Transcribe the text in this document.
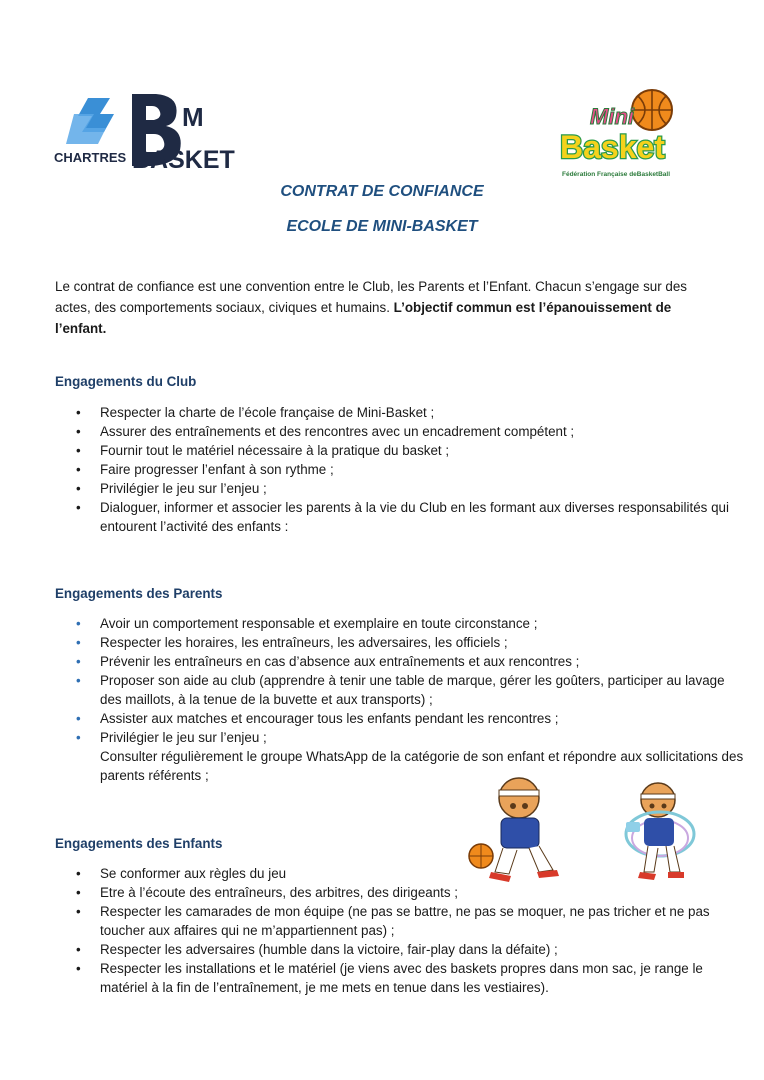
M
CHARTRES BASKET
Mini
Basket
Fédération Française deBasketBall
CONTRAT DE CONFIANCE
ECOLE DE MINI-BASKET
Le contrat de confiance est une convention entre le Club, les Parents et l’Enfant. Chacun s’engage sur des actes, des comportements sociaux, civiques et humains. L’objectif commun est l’épanouissement de l’enfant.
Engagements du Club
• Respecter la charte de l’école française de Mini-Basket ;
• Assurer des entraînements et des rencontres avec un encadrement compétent ;
• Fournir tout le matériel nécessaire à la pratique du basket ;
• Faire progresser l’enfant à son rythme ;
• Privilégier le jeu sur l’enjeu ;
• Dialoguer, informer et associer les parents à la vie du Club en les formant aux diverses responsabilités qui entourent l’activité des enfants :
Engagements des Parents
• Avoir un comportement responsable et exemplaire en toute circonstance ;
• Respecter les horaires, les entraîneurs, les adversaires, les officiels ;
• Prévenir les entraîneurs en cas d’absence aux entraînements et aux rencontres ;
• Proposer son aide au club (apprendre à tenir une table de marque, gérer les goûters, participer au lavage des maillots, à la tenue de la buvette et aux transports) ;
• Assister aux matches et encourager tous les enfants pendant les rencontres ;
• Privilégier le jeu sur l’enjeu ;
Consulter régulièrement le groupe WhatsApp de la catégorie de son enfant et répondre aux sollicitations des parents référents ;
Engagements des Enfants
• Se conformer aux règles du jeu
• Etre à l’écoute des entraîneurs, des arbitres, des dirigeants ;
• Respecter les camarades de mon équipe (ne pas se battre, ne pas se moquer, ne pas tricher et ne pas toucher aux affaires qui ne m’appartiennent pas) ;
• Respecter les adversaires (humble dans la victoire, fair-play dans la défaite) ;
• Respecter les installations et le matériel (je viens avec des baskets propres dans mon sac, je range le matériel à la fin de l’entraînement, je me mets en tenue dans les vestiaires).
